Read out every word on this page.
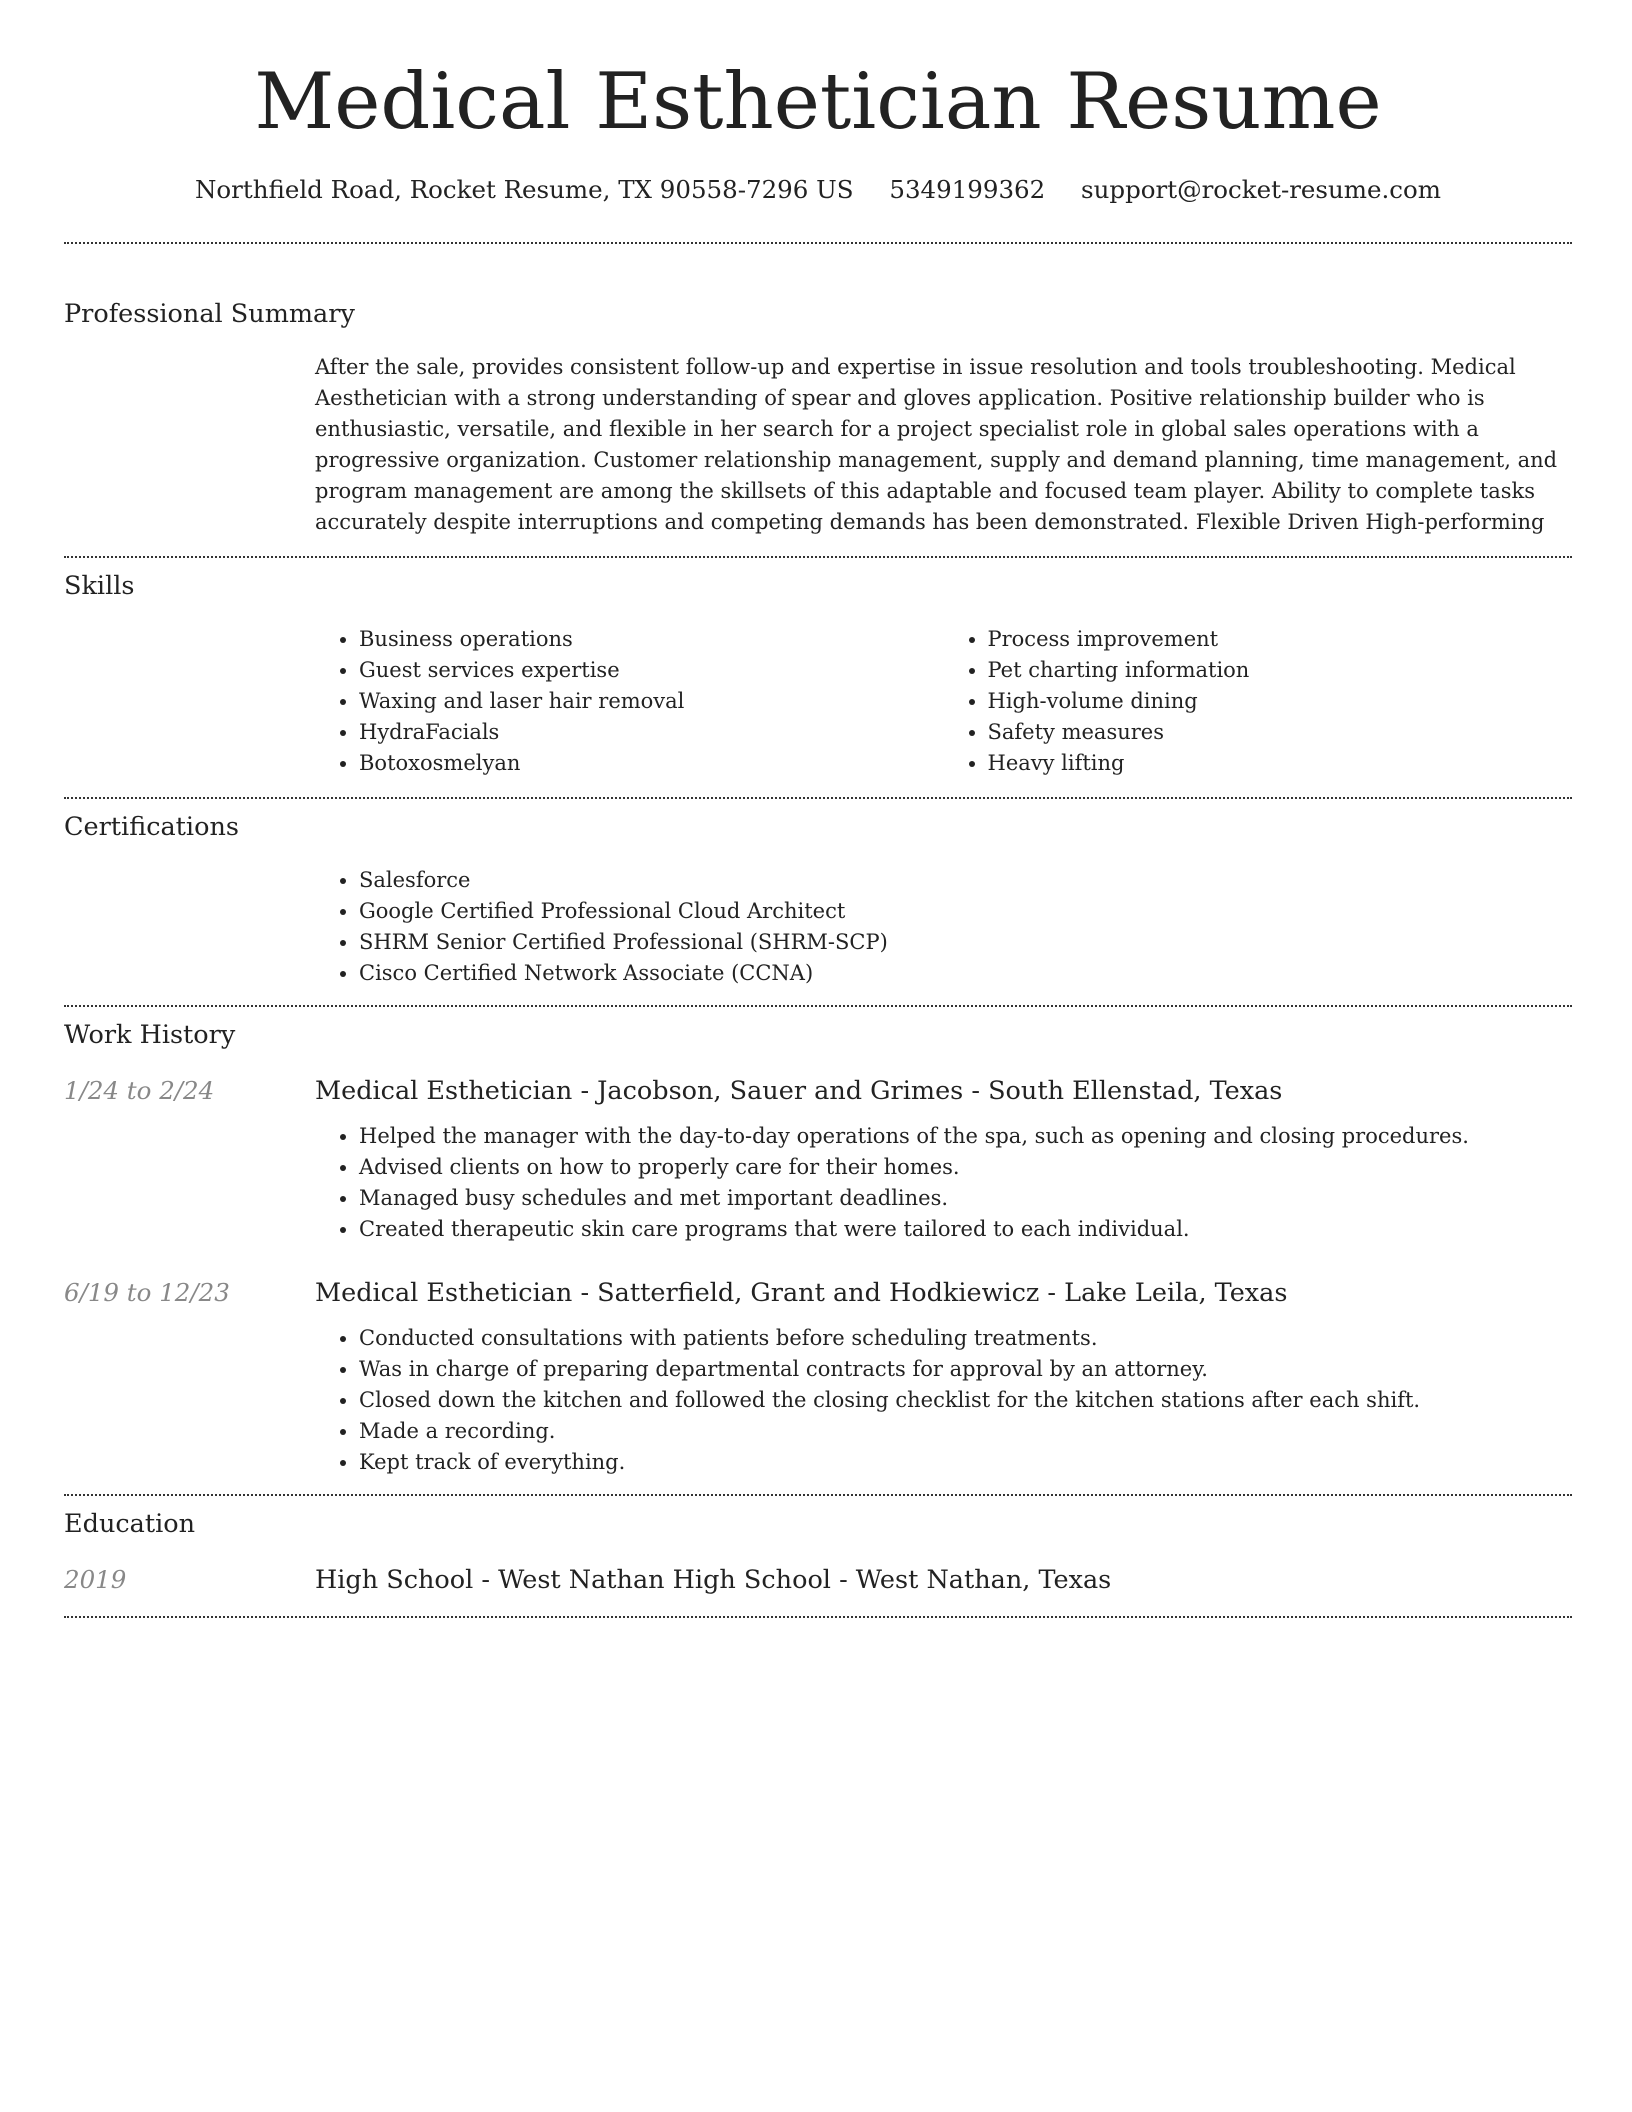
Medical Esthetician Resume
Northfield Road, Rocket Resume, TX 90558-7296 US 5349199362 support@rocket-resume.com
Professional Summary

After the sale, provides consistent follow-up and expertise in issue resolution and tools troubleshooting. Medical Aesthetician with a strong understanding of spear and gloves application. Positive relationship builder who is enthusiastic, versatile, and flexible in her search for a project specialist role in global sales operations with a progressive organization. Customer relationship management, supply and demand planning, time management, and program management are among the skillsets of this adaptable and focused team player. Ability to complete tasks accurately despite interruptions and competing demands has been demonstrated. Flexible Driven High-performing

Skills
• Business operations
• Guest services expertise
• Waxing and laser hair removal
• HydraFacials
• Botoxosmelyan
• Process improvement
• Pet charting information
• High-volume dining
• Safety measures
• Heavy lifting
Certifications
• Salesforce
• Google Certified Professional Cloud Architect
• SHRM Senior Certified Professional (SHRM-SCP)
• Cisco Certified Network Associate (CCNA)
Work History
1/24 to 2/24	Medical Esthetician - Jacobson, Sauer and Grimes - South Ellenstad, Texas
• Helped the manager with the day-to-day operations of the spa, such as opening and closing procedures.
• Advised clients on how to properly care for their homes.
• Managed busy schedules and met important deadlines.
• Created therapeutic skin care programs that were tailored to each individual.
6/19 to 12/23	Medical Esthetician - Satterfield, Grant and Hodkiewicz - Lake Leila, Texas
• Conducted consultations with patients before scheduling treatments.
• Was in charge of preparing departmental contracts for approval by an attorney.
• Closed down the kitchen and followed the closing checklist for the kitchen stations after each shift.
• Made a recording.
• Kept track of everything.
Education
2019	High School - West Nathan High School - West Nathan, Texas
